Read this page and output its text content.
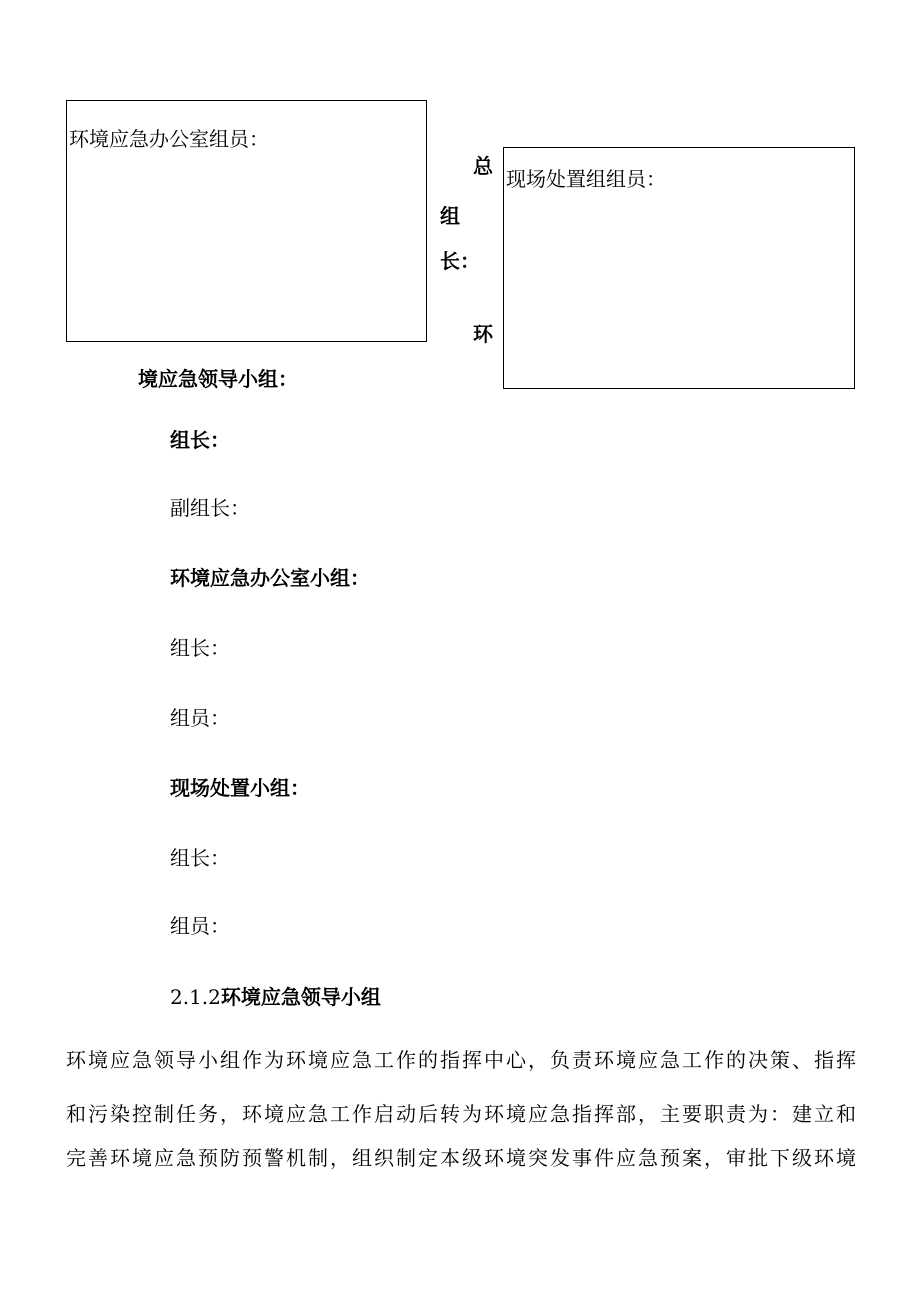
环境应急办公室组员：
现场处置组组员：
总
组
长：
环
境应急领导小组：
组长：
副组长：
环境应急办公室小组：
组长：
组员：
现场处置小组：
组长：
组员：
2.1.2环境应急领导小组
环境应急领导小组作为环境应急工作的指挥中心，负责环境应急工作的决策、指挥
和污染控制任务，环境应急工作启动后转为环境应急指挥部，主要职责为：建立和
完善环境应急预防预警机制，组织制定本级环境突发事件应急预案，审批下级环境
